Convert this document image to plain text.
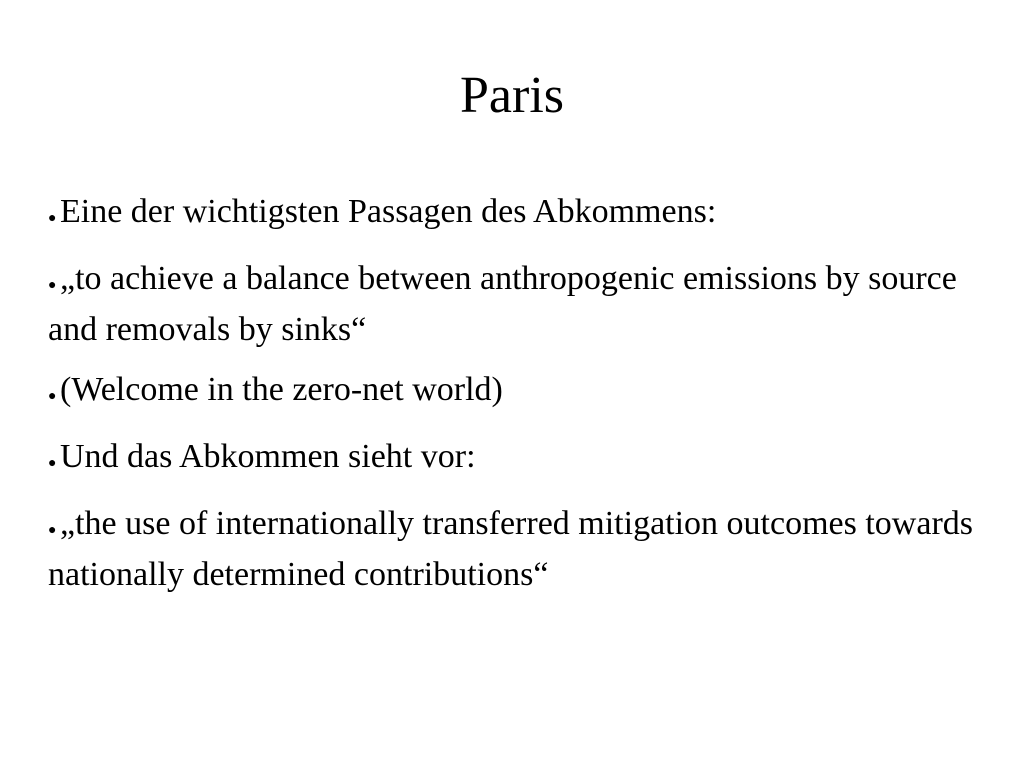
Paris
● Eine der wichtigsten Passagen des Abkommens:
● „to achieve a balance between anthropogenic emissions by source and removals by sinks“
● (Welcome in the zero-net world)
● Und das Abkommen sieht vor:
● „the use of internationally transferred mitigation outcomes towards nationally determined contributions“
